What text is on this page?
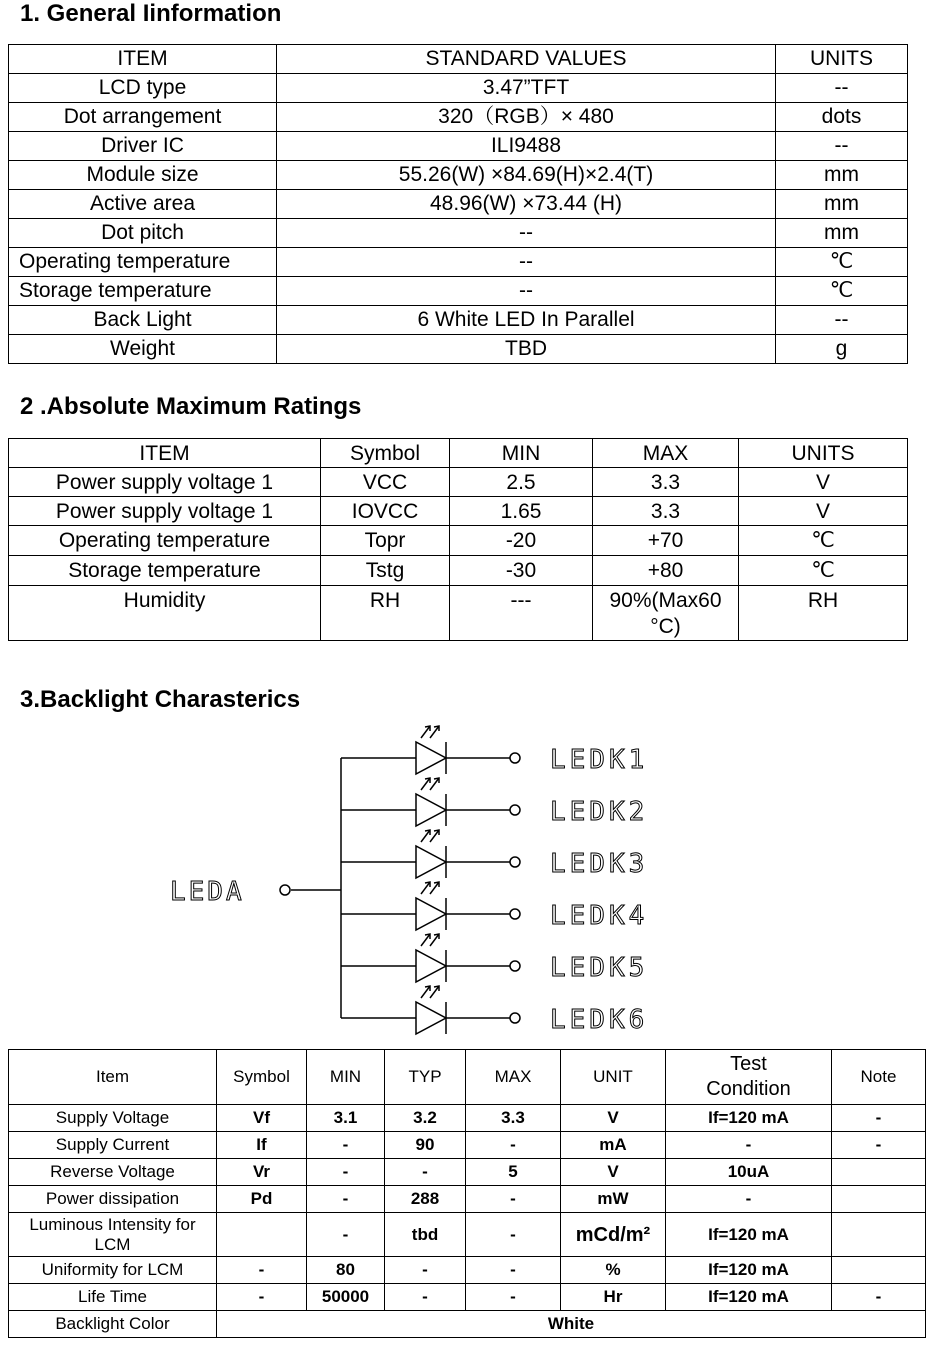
1. General Iinformation
ITEM	STANDARD VALUES	UNITS
LCD type	3.47”TFT	--
Dot arrangement	320（RGB）× 480	dots
Driver IC	ILI9488	--
Module size	55.26(W) ×84.69(H)×2.4(T)	mm
Active area	48.96(W) ×73.44 (H)	mm
Dot pitch	--	mm
Operating temperature	--	℃
Storage temperature	--	℃
Back Light	6 White LED In Parallel	--
Weight	TBD	g
2 .Absolute Maximum Ratings
ITEM	Symbol	MIN	MAX	UNITS
Power supply voltage 1	VCC	2.5	3.3	V
Power supply voltage 1	IOVCC	1.65	3.3	V
Operating temperature	Topr	-20	+70	℃
Storage temperature	Tstg	-30	+80	℃
Humidity	RH	---	90%(Max60 °C)	RH
3.Backlight Charasterics
LEDA
LEDK1
LEDK2
LEDK3
LEDK4
LEDK5
LEDK6
Item	Symbol	MIN	TYP	MAX	UNIT	Test Condition	Note
Supply Voltage	Vf	3.1	3.2	3.3	V	If=120 mA	-
Supply Current	If	-	90	-	mA	-	-
Reverse Voltage	Vr	-	-	5	V	10uA	
Power dissipation	Pd	-	288	-	mW	-	
Luminous Intensity for LCM		-	tbd	-	mCd/m²	If=120 mA	
Uniformity for LCM	-	80	-	-	%	If=120 mA	
Life Time	-	50000	-	-	Hr	If=120 mA	-
Backlight Color	White						
